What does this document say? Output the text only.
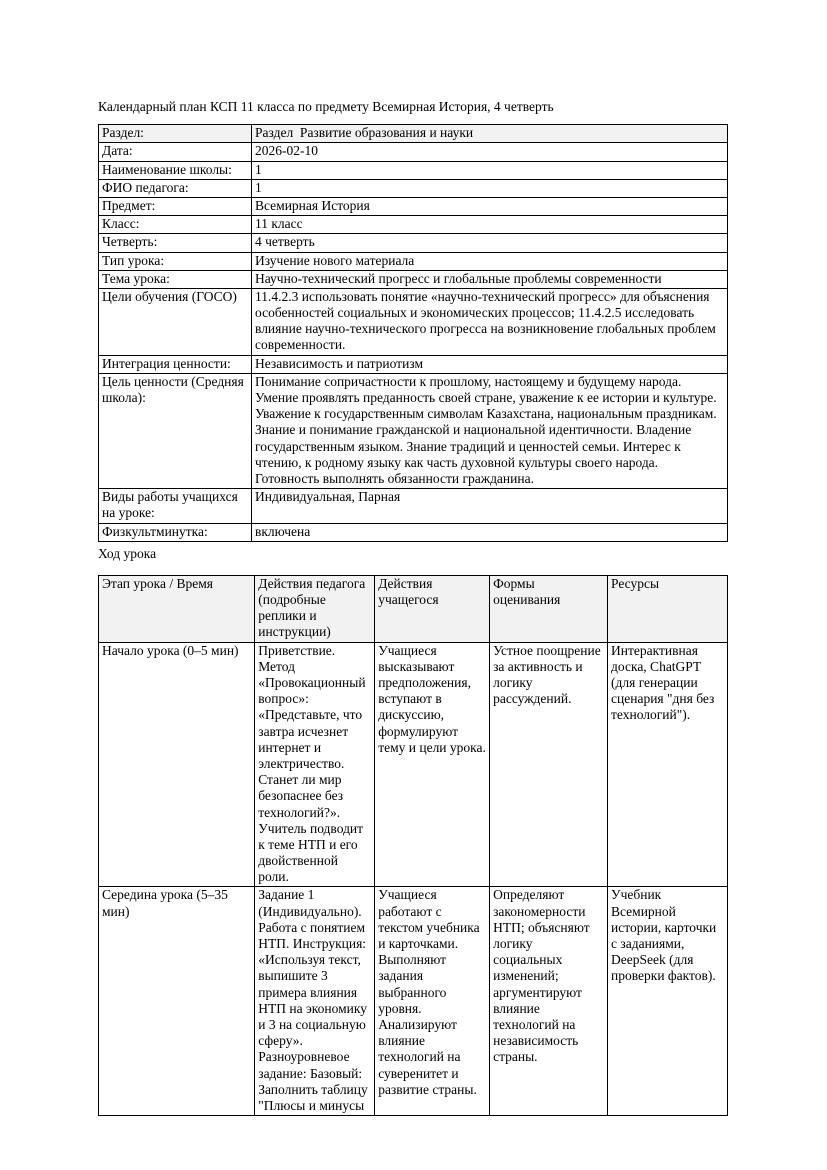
Календарный план КСП 11 класса по предмету Всемирная История, 4 четверть

Раздел:	Раздел  Развитие образования и науки
Дата:	2026-02-10
Наименование школы:	1
ФИО педагога:	1
Предмет:	Всемирная История
Класс:	11 класс
Четверть:	4 четверть
Тип урока:	Изучение нового материала
Тема урока:	Научно-технический прогресс и глобальные проблемы современности
Цели обучения (ГОСО)	11.4.2.3 использовать понятие «научно-технический прогресс» для объяснения особенностей социальных и экономических процессов; 11.4.2.5 исследовать влияние научно-технического прогресса на возникновение глобальных проблем современности.
Интеграция ценности:	Независимость и патриотизм
Цель ценности (Средняя школа):	Понимание сопричастности к прошлому, настоящему и будущему народа. Умение проявлять преданность своей стране, уважение к ее истории и культуре. Уважение к государственным символам Казахстана, национальным праздникам. Знание и понимание гражданской и национальной идентичности. Владение государственным языком. Знание традиций и ценностей семьи. Интерес к чтению, к родному языку как часть духовной культуры своего народа. Готовность выполнять обязанности гражданина.
Виды работы учащихся на уроке:	Индивидуальная, Парная
Физкультминутка:	включена

Ход урока

Этап урока / Время	Действия педагога (подробные реплики и инструкции)	Действия учащегося	Формы оценивания	Ресурсы
Начало урока (0–5 мин)	Приветствие. Метод «Провокационный вопрос»: «Представьте, что завтра исчезнет интернет и электричество. Станет ли мир безопаснее без технологий?». Учитель подводит к теме НТП и его двойственной роли.	Учащиеся высказывают предположения, вступают в дискуссию, формулируют тему и цели урока.	Устное поощрение за активность и логику рассуждений.	Интерактивная доска, ChatGPT (для генерации сценария "дня без технологий").
Середина урока (5–35 мин)	Задание 1 (Индивидуально). Работа с понятием НТП. Инструкция: «Используя текст, выпишите 3 примера влияния НТП на экономику и 3 на социальную сферу». Разноуровневое задание: Базовый: Заполнить таблицу "Плюсы и минусы	Учащиеся работают с текстом учебника и карточками. Выполняют задания выбранного уровня. Анализируют влияние технологий на суверенитет и развитие страны.	Определяют закономерности НТП; объясняют логику социальных изменений; аргументируют влияние технологий на независимость страны.	Учебник Всемирной истории, карточки с заданиями, DeepSeek (для проверки фактов).
